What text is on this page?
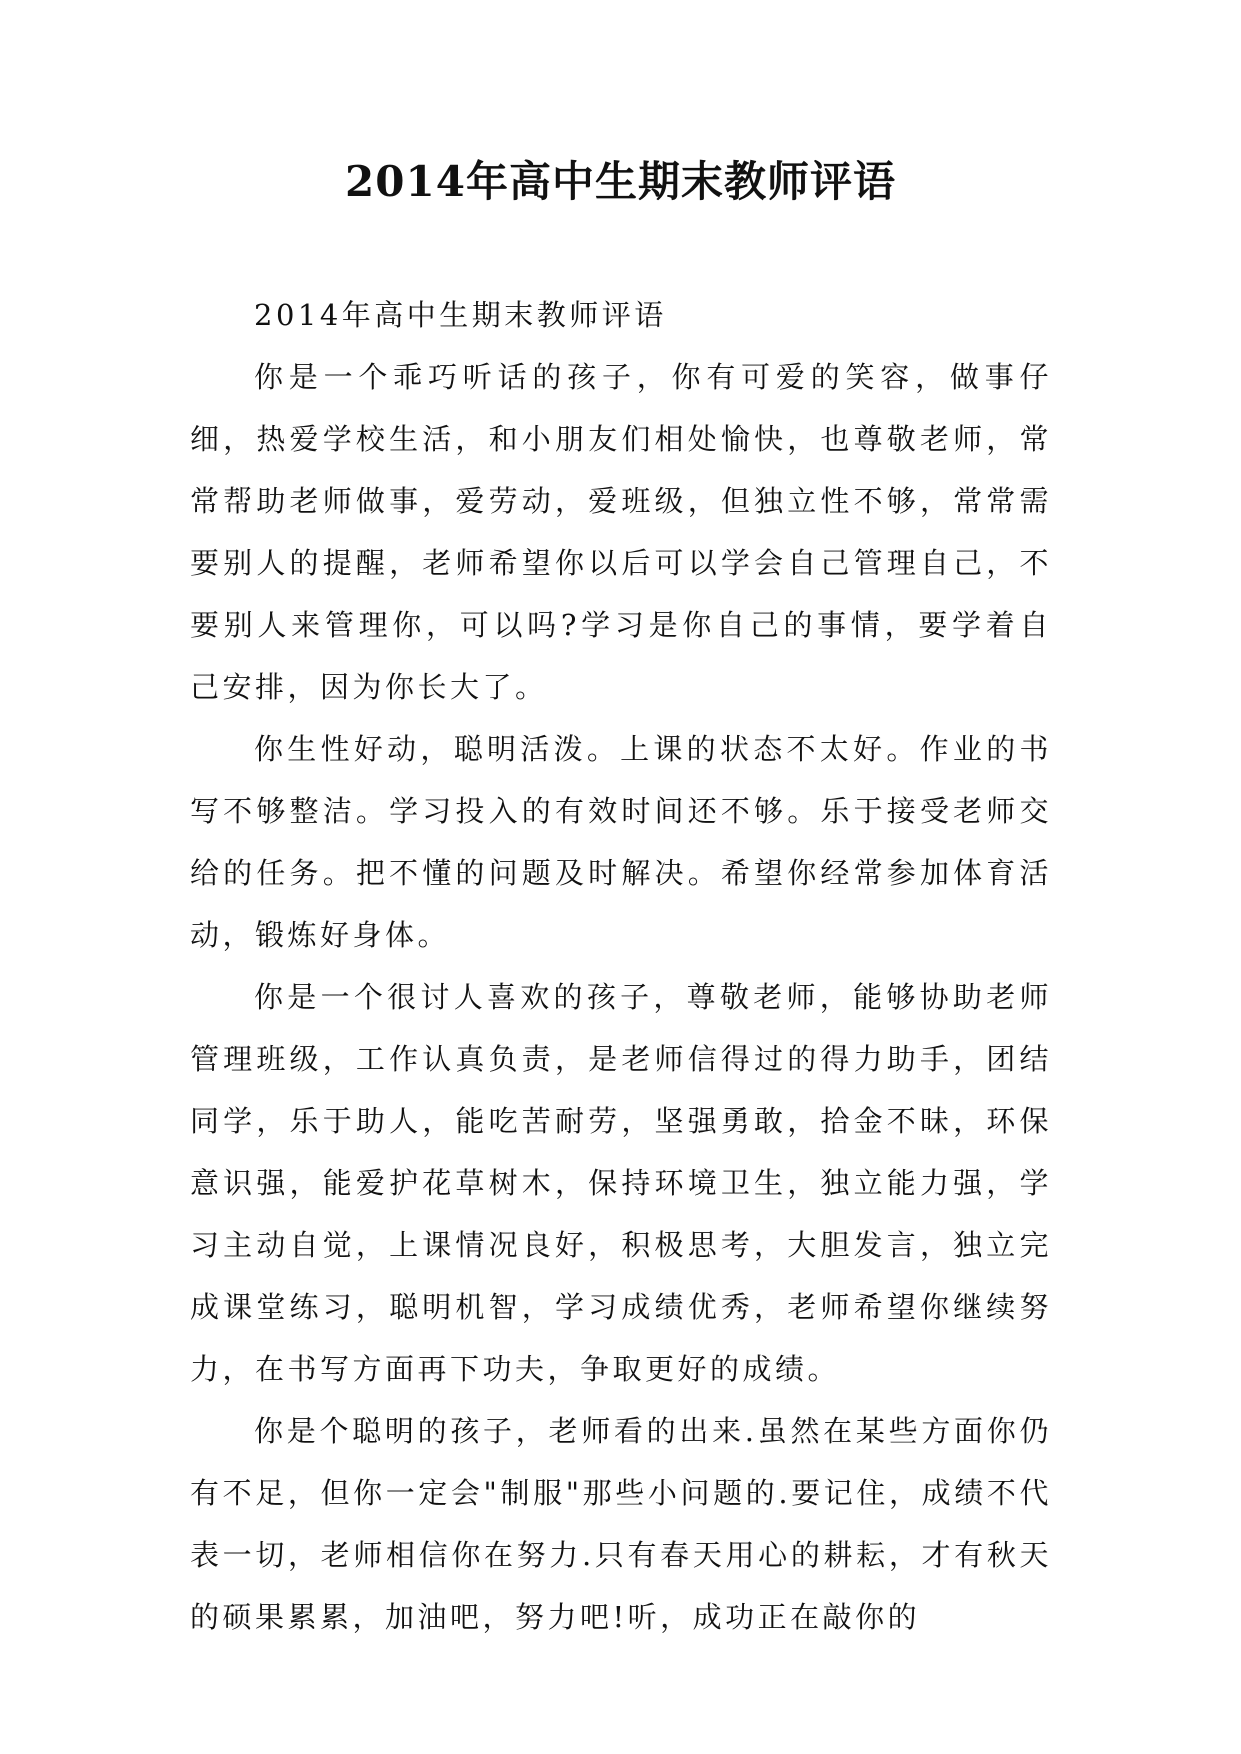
2014年高中生期末教师评语

2014年高中生期末教师评语

你是一个乖巧听话的孩子，你有可爱的笑容，做事仔细，热爱学校生活，和小朋友们相处愉快，也尊敬老师，常常帮助老师做事，爱劳动，爱班级，但独立性不够，常常需要别人的提醒，老师希望你以后可以学会自己管理自己，不要别人来管理你，可以吗?学习是你自己的事情，要学着自己安排，因为你长大了。

你生性好动，聪明活泼。上课的状态不太好。作业的书写不够整洁。学习投入的有效时间还不够。乐于接受老师交给的任务。把不懂的问题及时解决。希望你经常参加体育活动，锻炼好身体。

你是一个很讨人喜欢的孩子，尊敬老师，能够协助老师管理班级，工作认真负责，是老师信得过的得力助手，团结同学，乐于助人，能吃苦耐劳，坚强勇敢，拾金不昧，环保意识强，能爱护花草树木，保持环境卫生，独立能力强，学习主动自觉，上课情况良好，积极思考，大胆发言，独立完成课堂练习，聪明机智，学习成绩优秀，老师希望你继续努力，在书写方面再下功夫，争取更好的成绩。

你是个聪明的孩子，老师看的出来.虽然在某些方面你仍有不足，但你一定会"制服"那些小问题的.要记住，成绩不代表一切，老师相信你在努力.只有春天用心的耕耘，才有秋天的硕果累累，加油吧，努力吧!听，成功正在敲你的
